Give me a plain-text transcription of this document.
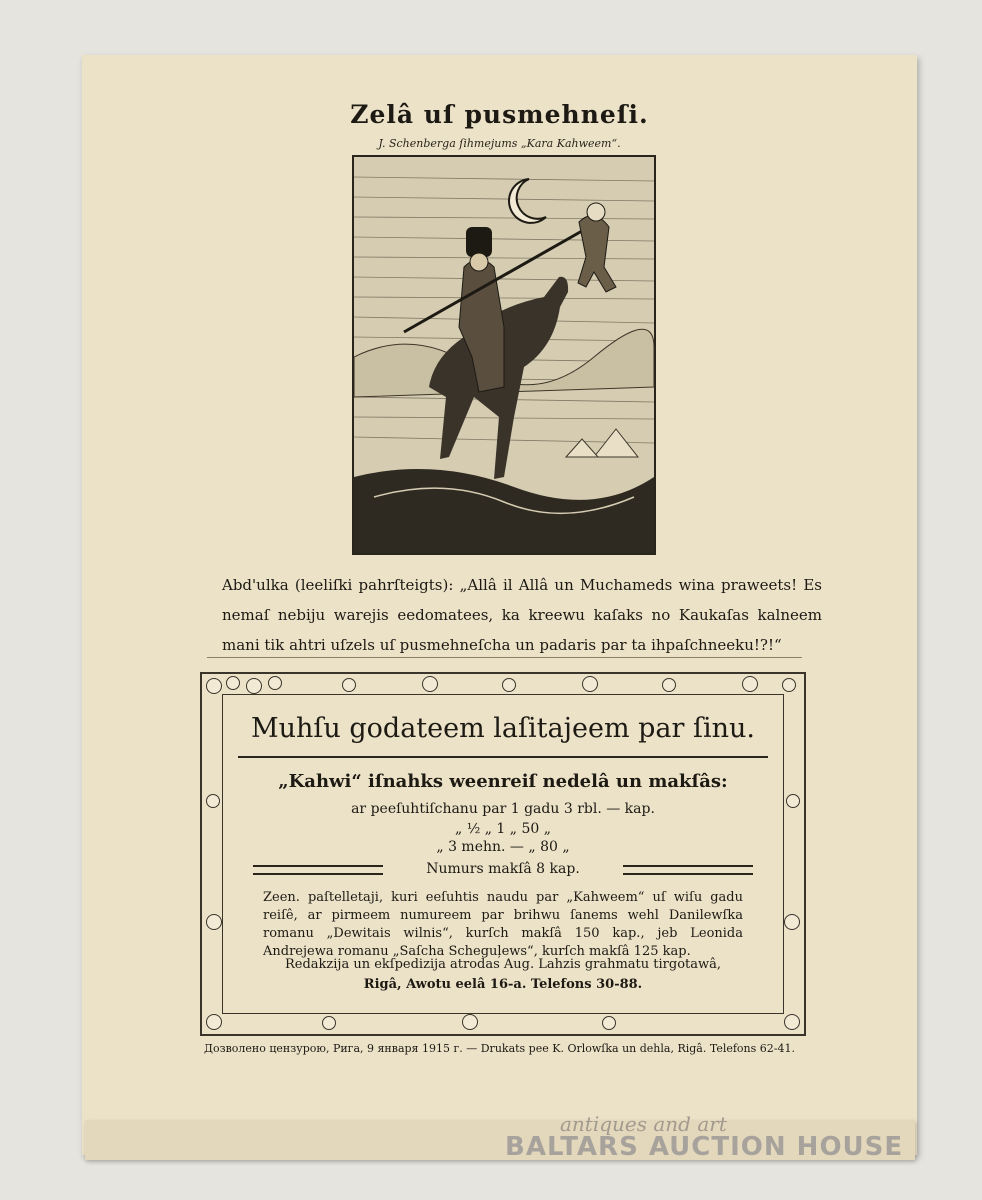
Zelâ uſ pusmehneſi.
J. Schenberga ſihmejums „Kara Kahweem“.
Abd'ulka (leeliſki pahrſteigts): „Allâ il Allâ un Muchameds wina praweets! Es nemaſ nebiju warejis eedomatees, ka kreewu kaſaks no Kaukaſas kalneem mani tik ahtri uſzels uſ pusmehneſcha un padaris par ta ihpaſchneeku!?!“
Muhſu godateem laſitajeem par ſinu.
„Kahwi“ iſnahks weenreiſ nedelâ un makſâs:
ar peeſuhtiſchanu par 1 gadu 3 rbl. — kap.
„ ½ „ 1 „ 50 „
„ 3 mehn. — „ 80 „
Numurs makſâ 8 kap.
Zeen. paſtelletaji, kuri eeſuhtis naudu par „Kahweem“ uſ wiſu gadu reiſê, ar pirmeem numureem par brihwu ſanems wehl Danilewſka romanu „Dewitais wilnis“, kurſch makſâ 150 kap., jeb Leonida Andrejewa romanu „Saſcha Scheguļews“, kurſch makſâ 125 kap.
Redakzija un ekſpedizija atrodas Aug. Lahzis grahmatu tirgotawâ,
Rigâ, Awotu eelâ 16-a. Telefons 30-88.
Дозволено цензурою, Рига, 9 января 1915 г. — Drukats pee K. Orlowſka un dehla, Rigâ. Telefons 62-41.
antiques and art
BALTARS AUCTION HOUSE
